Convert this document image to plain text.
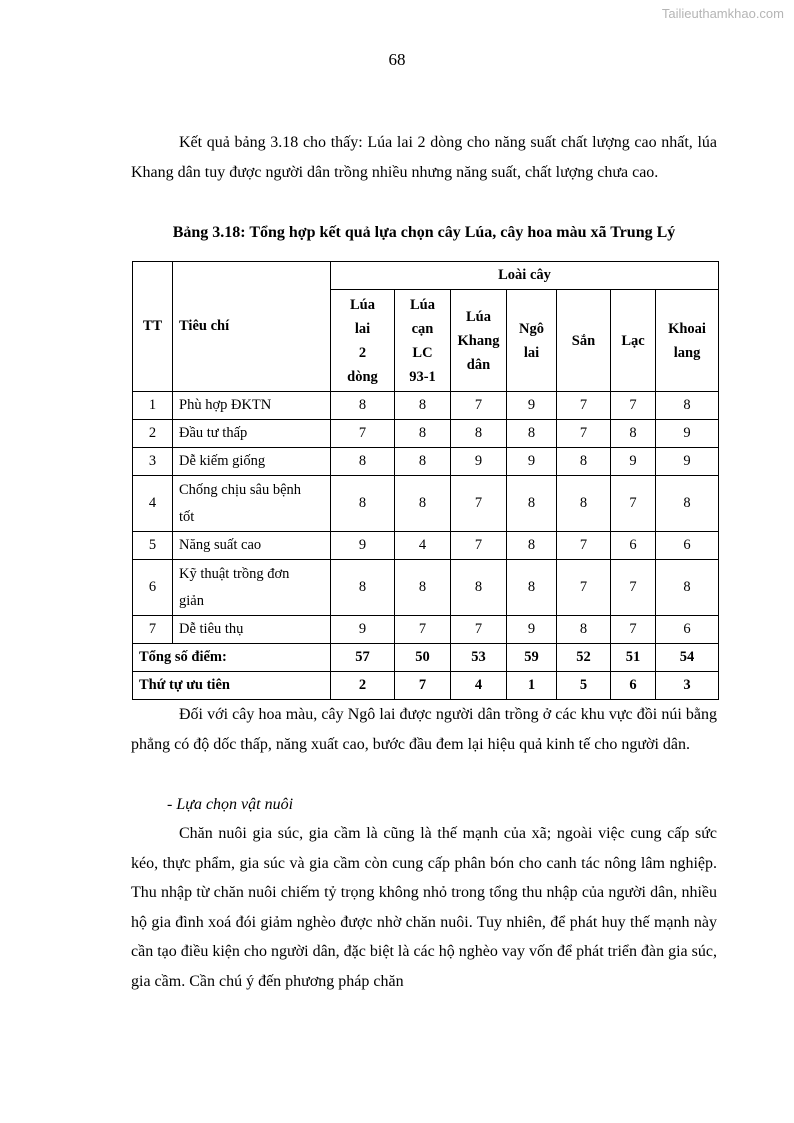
Tailieuthamkhao.com
68
Kết quả bảng 3.18 cho thấy: Lúa lai 2 dòng cho năng suất chất lượng cao nhất, lúa Khang dân tuy được người dân trồng nhiều nhưng năng suất, chất lượng chưa cao.
Bảng 3.18: Tổng hợp kết quả lựa chọn cây Lúa, cây hoa màu xã Trung Lý
TT	Tiêu chí	Loài cây						
		Lúa lai 2 dòng	Lúa cạn LC 93-1	Lúa Khang dân	Ngô lai	Sắn	Lạc	Khoai lang
1	Phù hợp ĐKTN	8	8	7	9	7	7	8
2	Đầu tư thấp	7	8	8	8	7	8	9
3	Dễ kiếm giống	8	8	9	9	8	9	9
4	Chống chịu sâu bệnh tốt	8	8	7	8	8	7	8
5	Năng suất cao	9	4	7	8	7	6	6
6	Kỹ thuật trồng đơn giản	8	8	8	8	7	7	8
7	Dễ tiêu thụ	9	7	7	9	8	7	6
Tổng số điểm:		57	50	53	59	52	51	54
Thứ tự ưu tiên		2	7	4	1	5	6	3
Đối với cây hoa màu, cây Ngô lai được người dân trồng ở các khu vực đồi núi bằng phẳng có độ dốc thấp, năng xuất cao, bước đầu đem lại hiệu quả kinh tế cho người dân.
- Lựa chọn vật nuôi
Chăn nuôi gia súc, gia cầm là cũng là thế mạnh của xã; ngoài việc cung cấp sức kéo, thực phẩm, gia súc và gia cầm còn cung cấp phân bón cho canh tác nông lâm nghiệp. Thu nhập từ chăn nuôi chiếm tỷ trọng không nhỏ trong tổng thu nhập của người dân, nhiều hộ gia đình xoá đói giảm nghèo được nhờ chăn nuôi. Tuy nhiên, để phát huy thế mạnh này cần tạo điều kiện cho người dân, đặc biệt là các hộ nghèo vay vốn để phát triển đàn gia súc, gia cầm. Cần chú ý đến phương pháp chăn
